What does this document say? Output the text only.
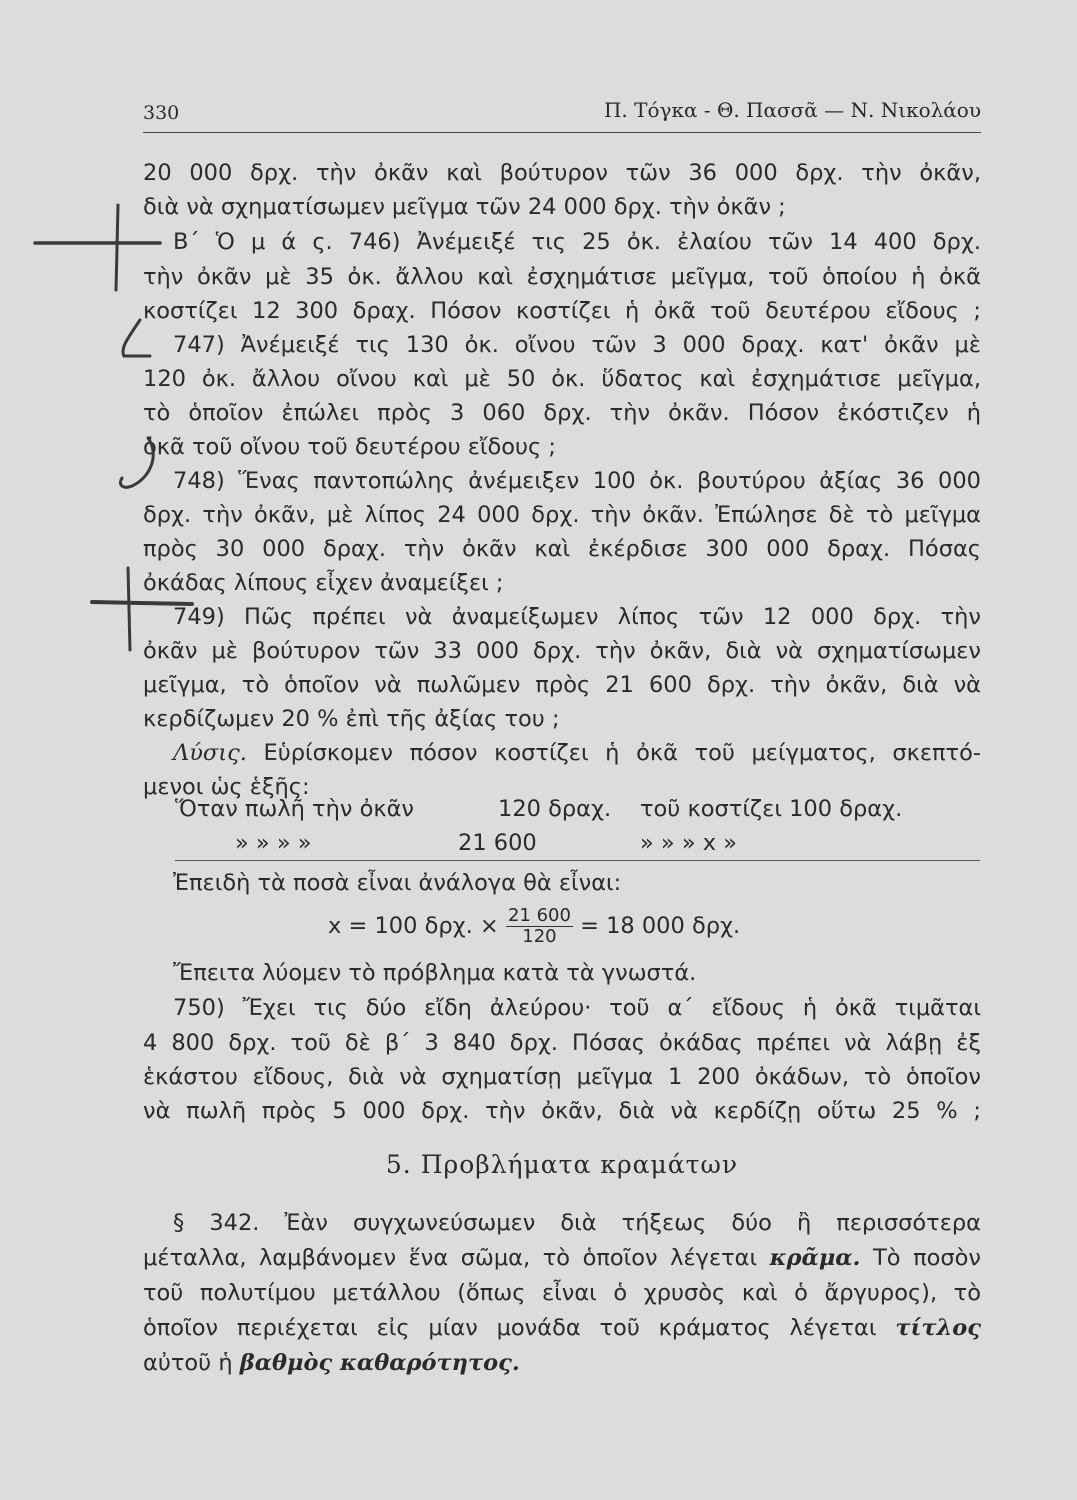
330	Π. Τόγκα - Θ. Πασσᾶ — Ν. Νικολάου
20 000 δρχ. τὴν ὀκᾶν καὶ βούτυρον τῶν 36 000 δρχ. τὴν ὀκᾶν,
διὰ νὰ σχηματίσωμεν μεῖγμα τῶν 24 000 δρχ. τὴν ὀκᾶν ;
Β΄ Ὁ μ ά ς. 746) Ἀνέμειξέ τις 25 ὀκ. ἐλαίου τῶν 14 400 δρχ.
τὴν ὀκᾶν μὲ 35 ὀκ. ἄλλου καὶ ἐσχημάτισε μεῖγμα, τοῦ ὁποίου ἡ ὀκᾶ
κοστίζει 12 300 δραχ. Πόσον κοστίζει ἡ ὀκᾶ τοῦ δευτέρου εἴδους ;
747) Ἀνέμειξέ τις 130 ὀκ. οἴνου τῶν 3 000 δραχ. κατ' ὀκᾶν μὲ
120 ὀκ. ἄλλου οἴνου καὶ μὲ 50 ὀκ. ὕδατος καὶ ἐσχημάτισε μεῖγμα,
τὸ ὁποῖον ἐπώλει πρὸς 3 060 δρχ. τὴν ὀκᾶν. Πόσον ἐκόστιζεν ἡ
ὀκᾶ τοῦ οἴνου τοῦ δευτέρου εἴδους ;
748) Ἕνας παντοπώλης ἀνέμειξεν 100 ὀκ. βουτύρου ἀξίας 36 000
δρχ. τὴν ὀκᾶν, μὲ λίπος 24 000 δρχ. τὴν ὀκᾶν. Ἐπώλησε δὲ τὸ μεῖγμα
πρὸς 30 000 δραχ. τὴν ὀκᾶν καὶ ἐκέρδισε 300 000 δραχ. Πόσας
ὀκάδας λίπους εἶχεν ἀναμείξει ;
749) Πῶς πρέπει νὰ ἀναμείξωμεν λίπος τῶν 12 000 δρχ. τὴν
ὀκᾶν μὲ βούτυρον τῶν 33 000 δρχ. τὴν ὀκᾶν, διὰ νὰ σχηματίσωμεν
μεῖγμα, τὸ ὁποῖον νὰ πωλῶμεν πρὸς 21 600 δρχ. τὴν ὀκᾶν, διὰ νὰ
κερδίζωμεν 20 % ἐπὶ τῆς ἀξίας του ;
Λύσις. Εὑρίσκομεν πόσον κοστίζει ἡ ὀκᾶ τοῦ μείγματος, σκεπτό-
μενοι ὡς ἑξῆς:
Ὅταν πωλῆ τὴν ὀκᾶν	120 δραχ. τοῦ κοστίζει 100 δραχ.
» » » »	21 600	» » » x »
Ἐπειδὴ τὰ ποσὰ εἶναι ἀνάλογα θὰ εἶναι:
x = 100 δρχ. × $\frac{21 600}{120} = 18$ 000 δρχ.
Ἔπειτα λύομεν τὸ πρόβλημα κατὰ τὰ γνωστά.
750) Ἔχει τις δύο εἴδη ἀλεύρου· τοῦ α΄ εἴδους ἡ ὀκᾶ τιμᾶται
4 800 δρχ. τοῦ δὲ β΄ 3 840 δρχ. Πόσας ὀκάδας πρέπει νὰ λάβῃ ἐξ
ἑκάστου εἴδους, διὰ νὰ σχηματίσῃ μεῖγμα 1 200 ὀκάδων, τὸ ὁποῖον
νὰ πωλῆ πρὸς 5 000 δρχ. τὴν ὀκᾶν, διὰ νὰ κερδίζῃ οὕτω 25 % ;
5. Προβλήματα κραμάτων
§ 342. Ἐὰν συγχωνεύσωμεν διὰ τήξεως δύο ἢ περισσότερα
μέταλλα, λαμβάνομεν ἕνα σῶμα, τὸ ὁποῖον λέγεται κρᾶμα. Τὸ ποσὸν
τοῦ πολυτίμου μετάλλου (ὅπως εἶναι ὁ χρυσὸς καὶ ὁ ἄργυρος), τὸ
ὁποῖον περιέχεται εἰς μίαν μονάδα τοῦ κράματος λέγεται τίτλος
αὐτοῦ ἡ βαθμὸς καθαρότητος.
